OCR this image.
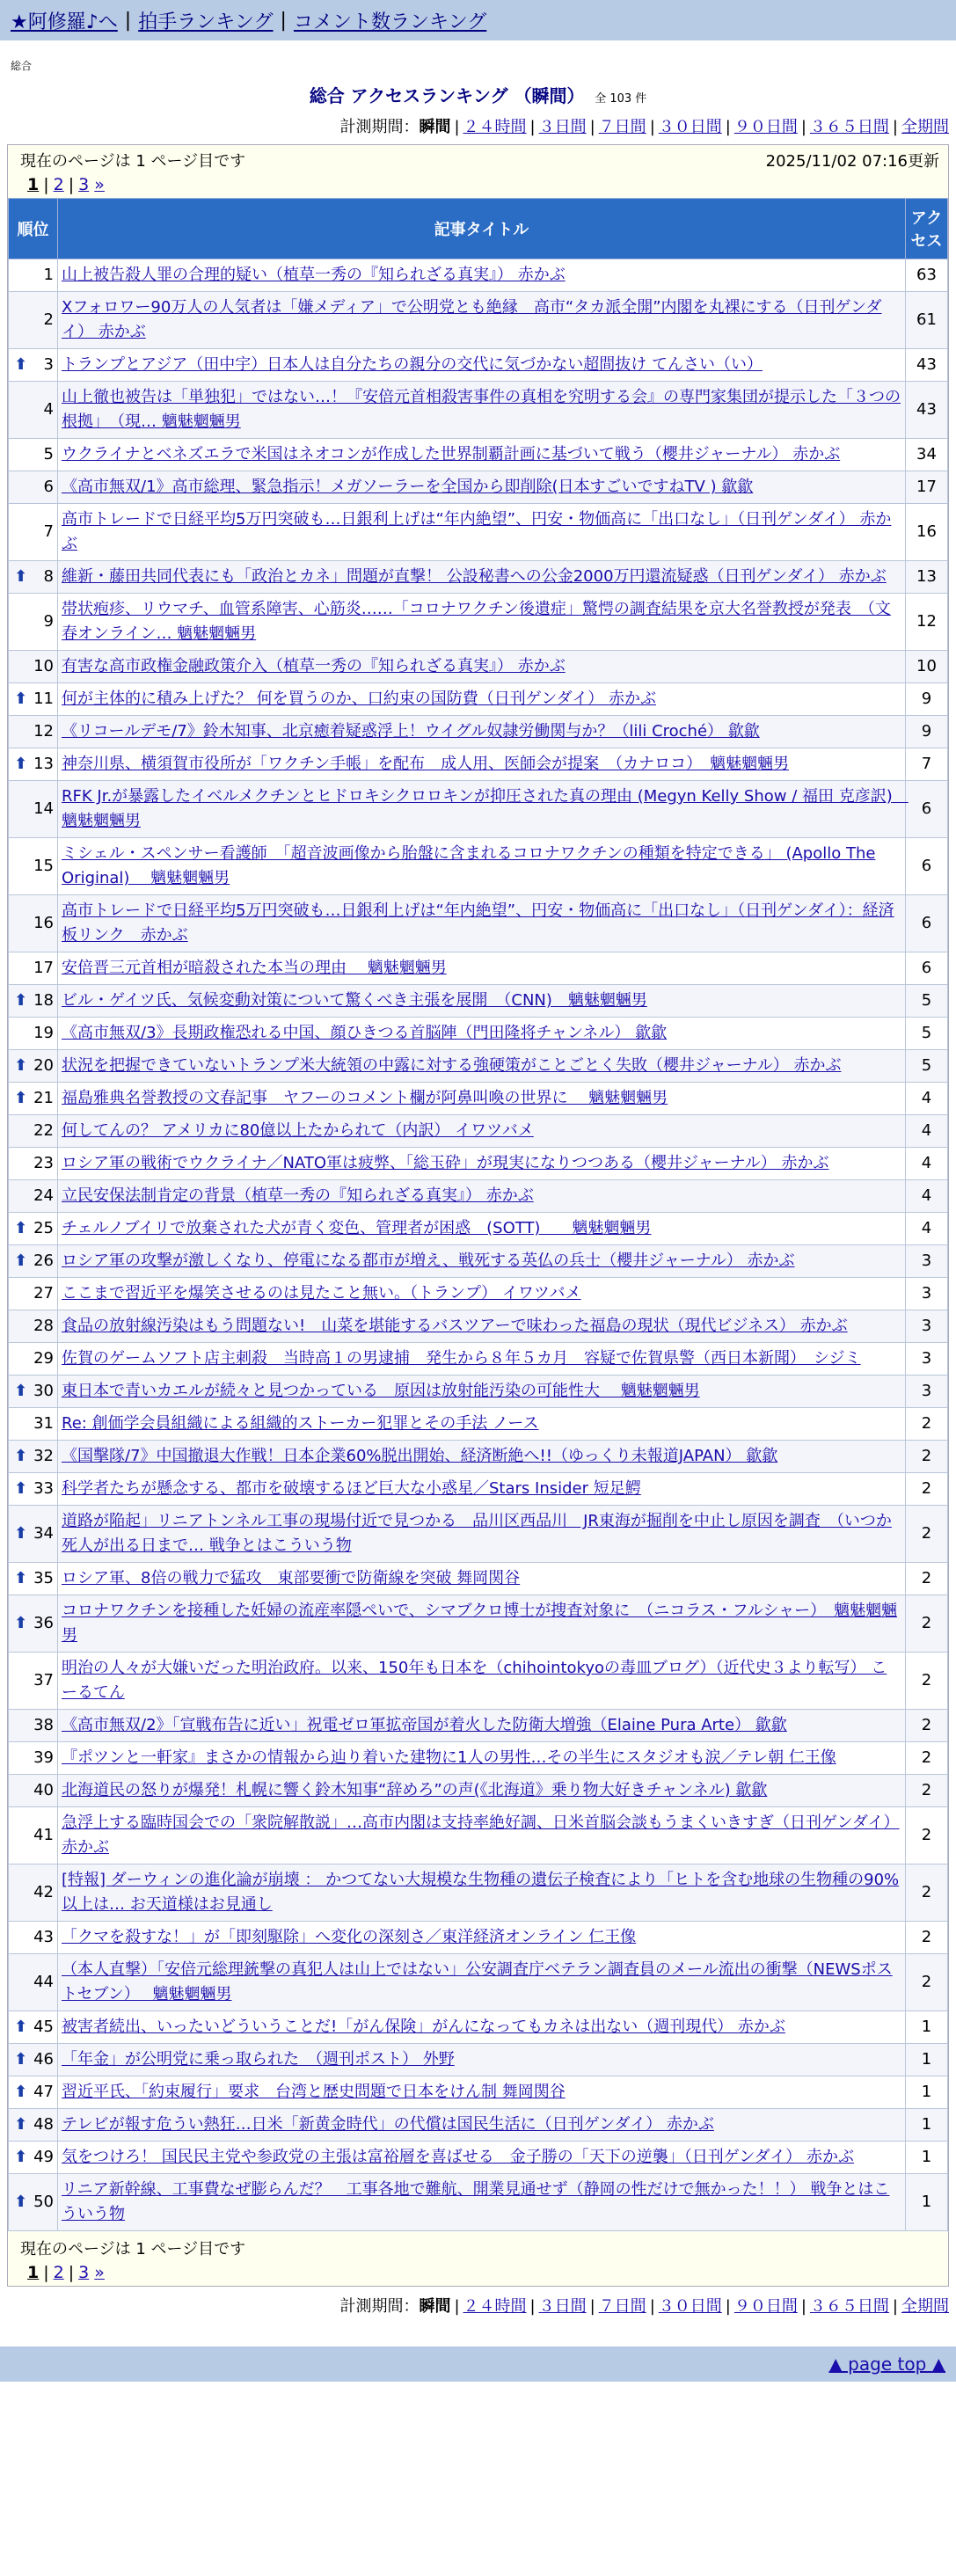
★阿修羅♪へ | 拍手ランキング | コメント数ランキング
総合
総合 アクセスランキング （瞬間） 全 103 件
計測期間：瞬間 | ２４時間 | ３日間 | ７日間 | ３０日間 | ９０日間 | ３６５日間 | 全期間
現在のページは 1 ページ目です	2025/11/02 07:16更新
1 | 2 | 3 »
順位	記事タイトル	アクセス
1	山上被告殺人罪の合理的疑い（植草一秀の『知られざる真実』） 赤かぶ	63
2	Xフォロワー90万人の人気者は「嫌メディア」で公明党とも絶縁　高市“タカ派全開”内閣を丸裸にする（日刊ゲンダイ） 赤かぶ	61

⬆ 3	トランプとアジア（田中宇）日本人は自分たちの親分の交代に気づかない超間抜け てんさい（い）	43
4	山上徹也被告は「単独犯」ではない…！『安倍元首相殺害事件の真相を究明する会』の専門家集団が提示した「３つの根拠」　（現… 魑魅魍魎男	43
5	ウクライナとベネズエラで米国はネオコンが作成した世界制覇計画に基づいて戦う（櫻井ジャーナル） 赤かぶ	34
6	《高市無双/1》高市総理、緊急指示！メガソーラーを全国から即削除(日本すごいですねTV ) 歙歙	17
7	高市トレードで日経平均5万円突破も…日銀利上げは“年内絶望”、円安・物価高に「出口なし」（日刊ゲンダイ） 赤かぶ	16

⬆ 8	維新・藤田共同代表にも「政治とカネ」問題が直撃！ 公設秘書への公金2000万円還流疑惑（日刊ゲンダイ） 赤かぶ	13
9	帯状疱疹、リウマチ、血管系障害、心筋炎……「コロナワクチン後遺症」驚愕の調査結果を京大名誉教授が発表　（文春オンライン… 魑魅魍魎男	12
10	有害な高市政権金融政策介入（植草一秀の『知られざる真実』） 赤かぶ	10

⬆ 11	何が主体的に積み上げた？ 何を買うのか、口約束の国防費（日刊ゲンダイ） 赤かぶ	9
12	《リコールデモ/7》鈴木知事、北京癒着疑惑浮上！ウイグル奴隷労働関与か？（lili Croché） 歙歙	9

⬆ 13	神奈川県、横須賀市役所が「ワクチン手帳」を配布　成人用、医師会が提案　（カナロコ）　魑魅魍魎男	7
14	RFK Jr.が暴露したイベルメクチンとヒドロキシクロロキンが抑圧された真の理由 (Megyn Kelly Show / 福田 克彦訳)　魑魅魍魎男	6
15	ミシェル・スペンサー看護師　「超音波画像から胎盤に含まれるコロナワクチンの種類を特定できる」 (Apollo The Original)　 魑魅魍魎男	6
16	高市トレードで日経平均5万円突破も…日銀利上げは“年内絶望”、円安・物価高に「出口なし」（日刊ゲンダイ）：経済板リンク　赤かぶ	6
17	安倍晋三元首相が暗殺された本当の理由　 魑魅魍魎男	6

⬆ 18	ビル・ゲイツ氏、気候変動対策について驚くべき主張を展開　（CNN)　魑魅魍魎男	5
19	《高市無双/3》長期政権恐れる中国、顔ひきつる首脳陣（門田隆将チャンネル） 歙歙	5

⬆ 20	状況を把握できていないトランプ米大統領の中露に対する強硬策がことごとく失敗（櫻井ジャーナル） 赤かぶ	5

⬆ 21	福島雅典名誉教授の文春記事　ヤフーのコメント欄が阿鼻叫喚の世界に　 魑魅魍魎男	4
22	何してんの？ アメリカに80億以上たかられて（内訳） イワツバメ	4
23	ロシア軍の戦術でウクライナ／NATO軍は疲弊、「総玉砕」が現実になりつつある（櫻井ジャーナル） 赤かぶ	4
24	立民安保法制肯定の背景（植草一秀の『知られざる真実』） 赤かぶ	4

⬆ 25	チェルノブイリで放棄された犬が青く変色、管理者が困惑　(SOTT)　　魑魅魍魎男	4

⬆ 26	ロシア軍の攻撃が激しくなり、停電になる都市が増え、戦死する英仏の兵士（櫻井ジャーナル） 赤かぶ	3
27	ここまで習近平を爆笑させるのは見たこと無い。（トランプ） イワツバメ	3
28	食品の放射線汚染はもう問題ない!　山菜を堪能するバスツアーで味わった福島の現状（現代ビジネス） 赤かぶ	3
29	佐賀のゲームソフト店主刺殺　当時高１の男逮捕　発生から８年５カ月　容疑で佐賀県警（西日本新聞）　シジミ	3

⬆ 30	東日本で青いカエルが続々と見つかっている　原因は放射能汚染の可能性大　 魑魅魍魎男	3
31	Re: 創価学会員組織による組織的ストーカー犯罪とその手法 ノース	2

⬆ 32	《国擊隊/7》中国撤退大作戦！日本企業60%脱出開始、経済断絶へ!!（ゆっくり未報道JAPAN） 歙歙	2

⬆ 33	科学者たちが懸念する、都市を破壊するほど巨大な小惑星／Stars Insider 短足鰐	2

⬆ 34	道路が陥起」リニアトンネル工事の現場付近で見つかる　品川区西品川　JR東海が掘削を中止し原因を調査　（いつか死人が出る日まで… 戦争とはこういう物	2

⬆ 35	ロシア軍、8倍の戦力で猛攻　東部要衝で防衛線を突破 舞岡関谷	2

⬆ 36	コロナワクチンを接種した妊婦の流産率隠ぺいで、シマブクロ博士が捜査対象に　（ニコラス・フルシャー）　魑魅魍魎男	2
37	明治の人々が大嫌いだった明治政府。以来、150年も日本を（chihointokyoの毒皿ブログ）（近代史３より転写） こーるてん	2
38	《高市無双/2》「宣戦布告に近い」祝電ゼロ軍拡帝国が着火した防衛大増強（Elaine Pura Arte） 歙歙	2
39	『ポツンと一軒家』まさかの情報から辿り着いた建物に1人の男性…その半生にスタジオも涙／テレ朝 仁王像	2
40	北海道民の怒りが爆発！札幌に響く鈴木知事“辞めろ”の声(《北海道》乗り物大好きチャンネル) 歙歙	2
41	急浮上する臨時国会での「衆院解散説」…高市内閣は支持率絶好調、日米首脳会談もうまくいきすぎ（日刊ゲンダイ） 赤かぶ	2
42	[特報] ダーウィンの進化論が崩壊 ： かつてない大規模な生物種の遺伝子検査により「ヒトを含む地球の生物種の90%以上は… お天道様はお見通し	2
43	「クマを殺すな！」が「即刻駆除」へ変化の深刻さ／東洋経済オンライン 仁王像	2
44	（本人直撃）「安倍元総理銃撃の真犯人は山上ではない」公安調査庁ベテラン調査員のメール流出の衝撃（NEWSポストセブン）　 魑魅魍魎男	2

⬆ 45	被害者続出、いったいどういうことだ!「がん保険」がんになってもカネは出ない（週刊現代） 赤かぶ	1

⬆ 46	「年金」が公明党に乗っ取られた　（週刊ポスト） 外野	1

⬆ 47	習近平氏、「約束履行」要求　台湾と歴史問題で日本をけん制 舞岡関谷	1

⬆ 48	テレビが報す危うい熱狂…日米「新黄金時代」の代償は国民生活に（日刊ゲンダイ） 赤かぶ	1

⬆ 49	気をつけろ！ 国民民主党や参政党の主張は富裕層を喜ばせる　金子勝の「天下の逆襲」（日刊ゲンダイ） 赤かぶ	1

⬆ 50	リニア新幹線、工事費なぜ膨らんだ？　工事各地で難航、開業見通せず（静岡の性だけで無かった！！） 戦争とはこういう物	1
現在のページは 1 ページ目です
1 | 2 | 3 »
計測期間：瞬間 | ２４時間 | ３日間 | ７日間 | ３０日間 | ９０日間 | ３６５日間 | 全期間
▲ page top ▲
